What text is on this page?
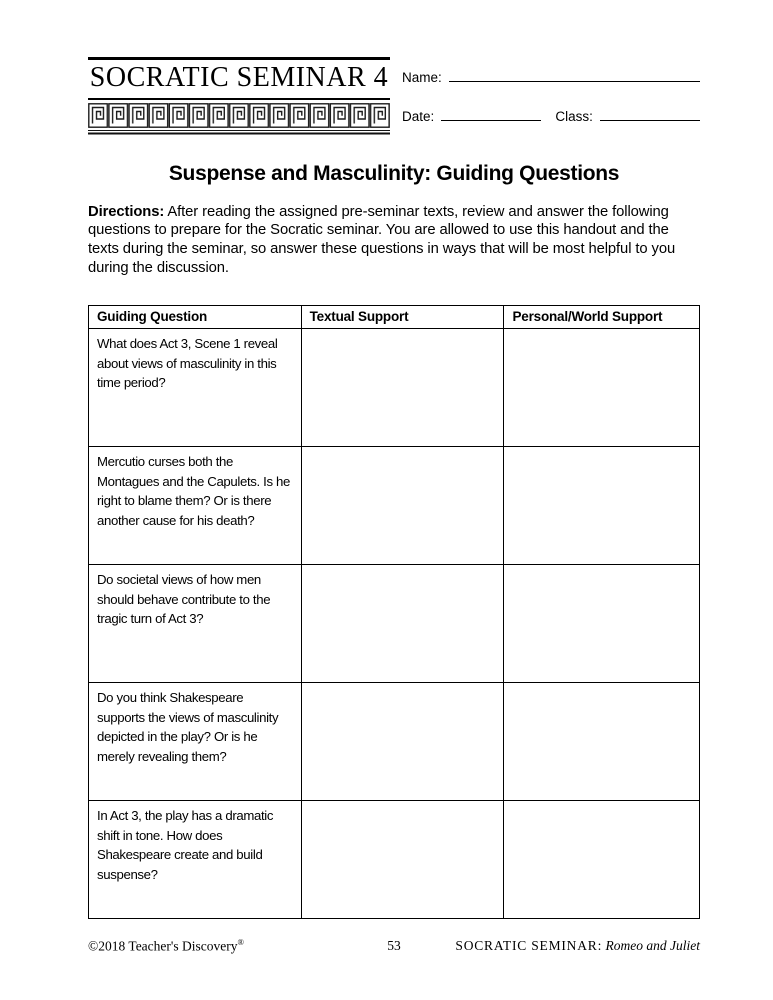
SOCRATIC SEMINAR 4 Name:
Date:	Class:
Suspense and Masculinity: Guiding Questions

Directions: After reading the assigned pre-seminar texts, review and answer the following questions to prepare for the Socratic seminar. You are allowed to use this handout and the texts during the seminar, so answer these questions in ways that will be most helpful to you during the discussion.

Guiding Question	Textual Support	Personal/World Support
What does Act 3, Scene 1 reveal about views of masculinity in this time period?		
Mercutio curses both the Montagues and the Capulets. Is he right to blame them? Or is there another cause for his death?		
Do societal views of how men should behave contribute to the tragic turn of Act 3?		
Do you think Shakespeare supports the views of masculinity depicted in the play? Or is he merely revealing them?		
In Act 3, the play has a dramatic shift in tone. How does Shakespeare create and build suspense?		
©2018 Teacher's Discovery®	53	SOCRATIC SEMINAR: Romeo and Juliet
